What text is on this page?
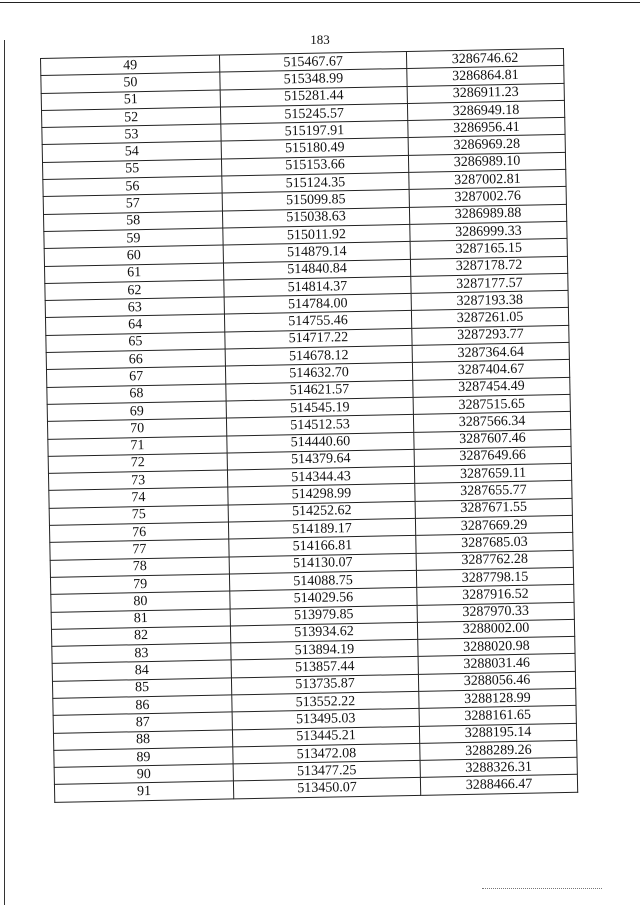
183
49	515467.67	3286746.62
50	515348.99	3286864.81
51	515281.44	3286911.23
52	515245.57	3286949.18
53	515197.91	3286956.41
54	515180.49	3286969.28
55	515153.66	3286989.10
56	515124.35	3287002.81
57	515099.85	3287002.76
58	515038.63	3286989.88
59	515011.92	3286999.33
60	514879.14	3287165.15
61	514840.84	3287178.72
62	514814.37	3287177.57
63	514784.00	3287193.38
64	514755.46	3287261.05
65	514717.22	3287293.77
66	514678.12	3287364.64
67	514632.70	3287404.67
68	514621.57	3287454.49
69	514545.19	3287515.65
70	514512.53	3287566.34
71	514440.60	3287607.46
72	514379.64	3287649.66
73	514344.43	3287659.11
74	514298.99	3287655.77
75	514252.62	3287671.55
76	514189.17	3287669.29
77	514166.81	3287685.03
78	514130.07	3287762.28
79	514088.75	3287798.15
80	514029.56	3287916.52
81	513979.85	3287970.33
82	513934.62	3288002.00
83	513894.19	3288020.98
84	513857.44	3288031.46
85	513735.87	3288056.46
86	513552.22	3288128.99
87	513495.03	3288161.65
88	513445.21	3288195.14
89	513472.08	3288289.26
90	513477.25	3288326.31
91	513450.07	3288466.47
